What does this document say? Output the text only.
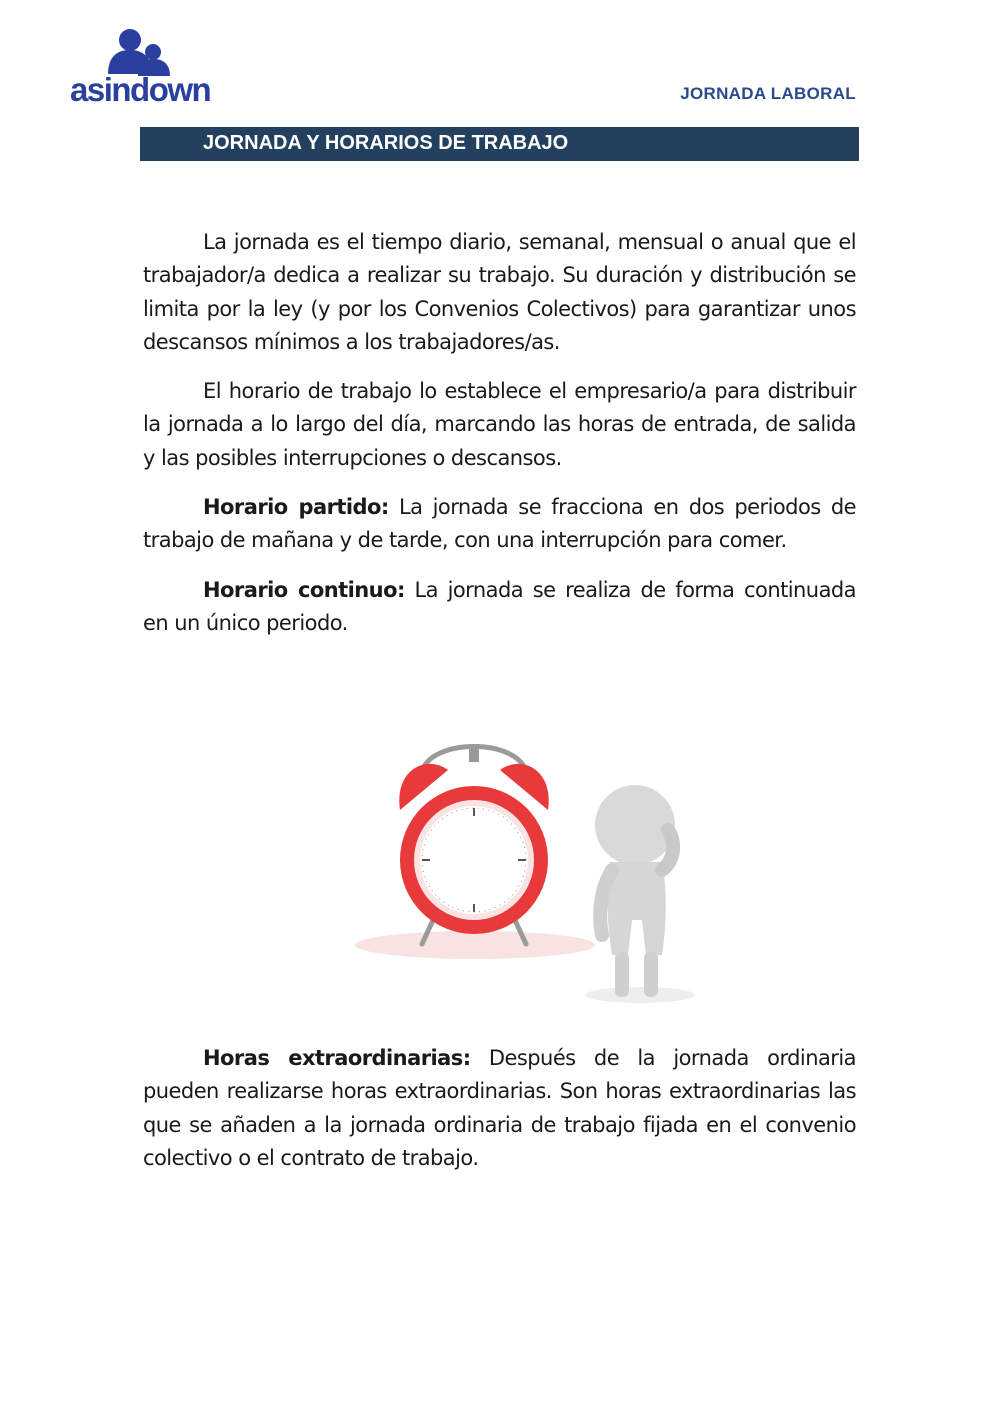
asindown	JORNADA LABORAL
JORNADA Y HORARIOS DE TRABAJO

La jornada es el tiempo diario, semanal, mensual o anual que el trabajador/a dedica a realizar su trabajo. Su duración y distribución se limita por la ley (y por los Convenios Colectivos) para garantizar unos descansos mínimos a los trabajadores/as.

El horario de trabajo lo establece el empresario/a para distribuir la jornada a lo largo del día, marcando las horas de entrada, de salida y las posibles interrupciones o descansos.

Horario partido: La jornada se fracciona en dos periodos de trabajo de mañana y de tarde, con una interrupción para comer.

Horario continuo: La jornada se realiza de forma continuada en un único periodo.

Horas extraordinarias: Después de la jornada ordinaria pueden realizarse horas extraordinarias. Son horas extraordinarias las que se añaden a la jornada ordinaria de trabajo fijada en el convenio colectivo o el contrato de trabajo.
